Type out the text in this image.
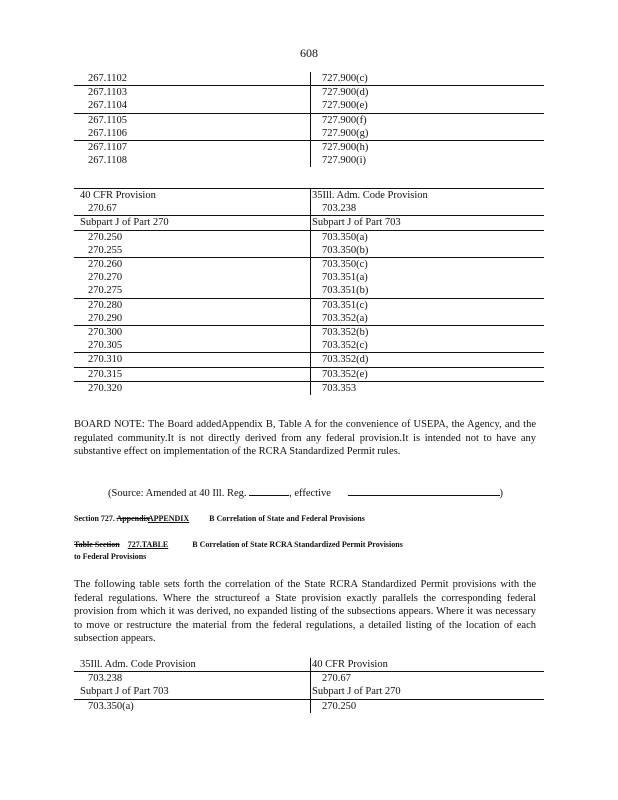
608
267.1102	727.900(c)
267.1103	727.900(d)
267.1104	727.900(e)
267.1105	727.900(f)
267.1106	727.900(g)
267.1107	727.900(h)
267.1108	727.900(i)
40 CFR Provision	35Ill. Adm. Code Provision
270.67	703.238
Subpart J of Part 270	Subpart J of Part 703
270.250	703.350(a)
270.255	703.350(b)
270.260	703.350(c)
270.270	703.351(a)
270.275	703.351(b)
270.280	703.351(c)
270.290	703.352(a)
270.300	703.352(b)
270.305	703.352(c)
270.310	703.352(d)
270.315	703.352(e)
270.320	703.353
BOARD NOTE: The Board addedAppendix B, Table A for the convenience of USEPA, the Agency, and the regulated community.It is not directly derived from any federal provision.It is intended not to have any substantive effect on implementation of the RCRA Standardized Permit rules.
(Source: Amended at 40 Ill. Reg.	, effective	)
Section 727. Appendix APPENDIX	B Correlation of State and Federal Provisions
Table Section 727.TABLE	B Correlation of State RCRA Standardized Permit Provisions
to Federal Provisions
The following table sets forth the correlation of the State RCRA Standardized Permit provisions with the federal regulations. Where the structureof a State provision exactly parallels the corresponding federal provision from which it was derived, no expanded listing of the subsections appears. Where it was necessary to move or restructure the material from the federal regulations, a detailed listing of the location of each subsection appears.
35Ill. Adm. Code Provision	40 CFR Provision
703.238	270.67
Subpart J of Part 703	Subpart J of Part 270
703.350(a)	270.250
